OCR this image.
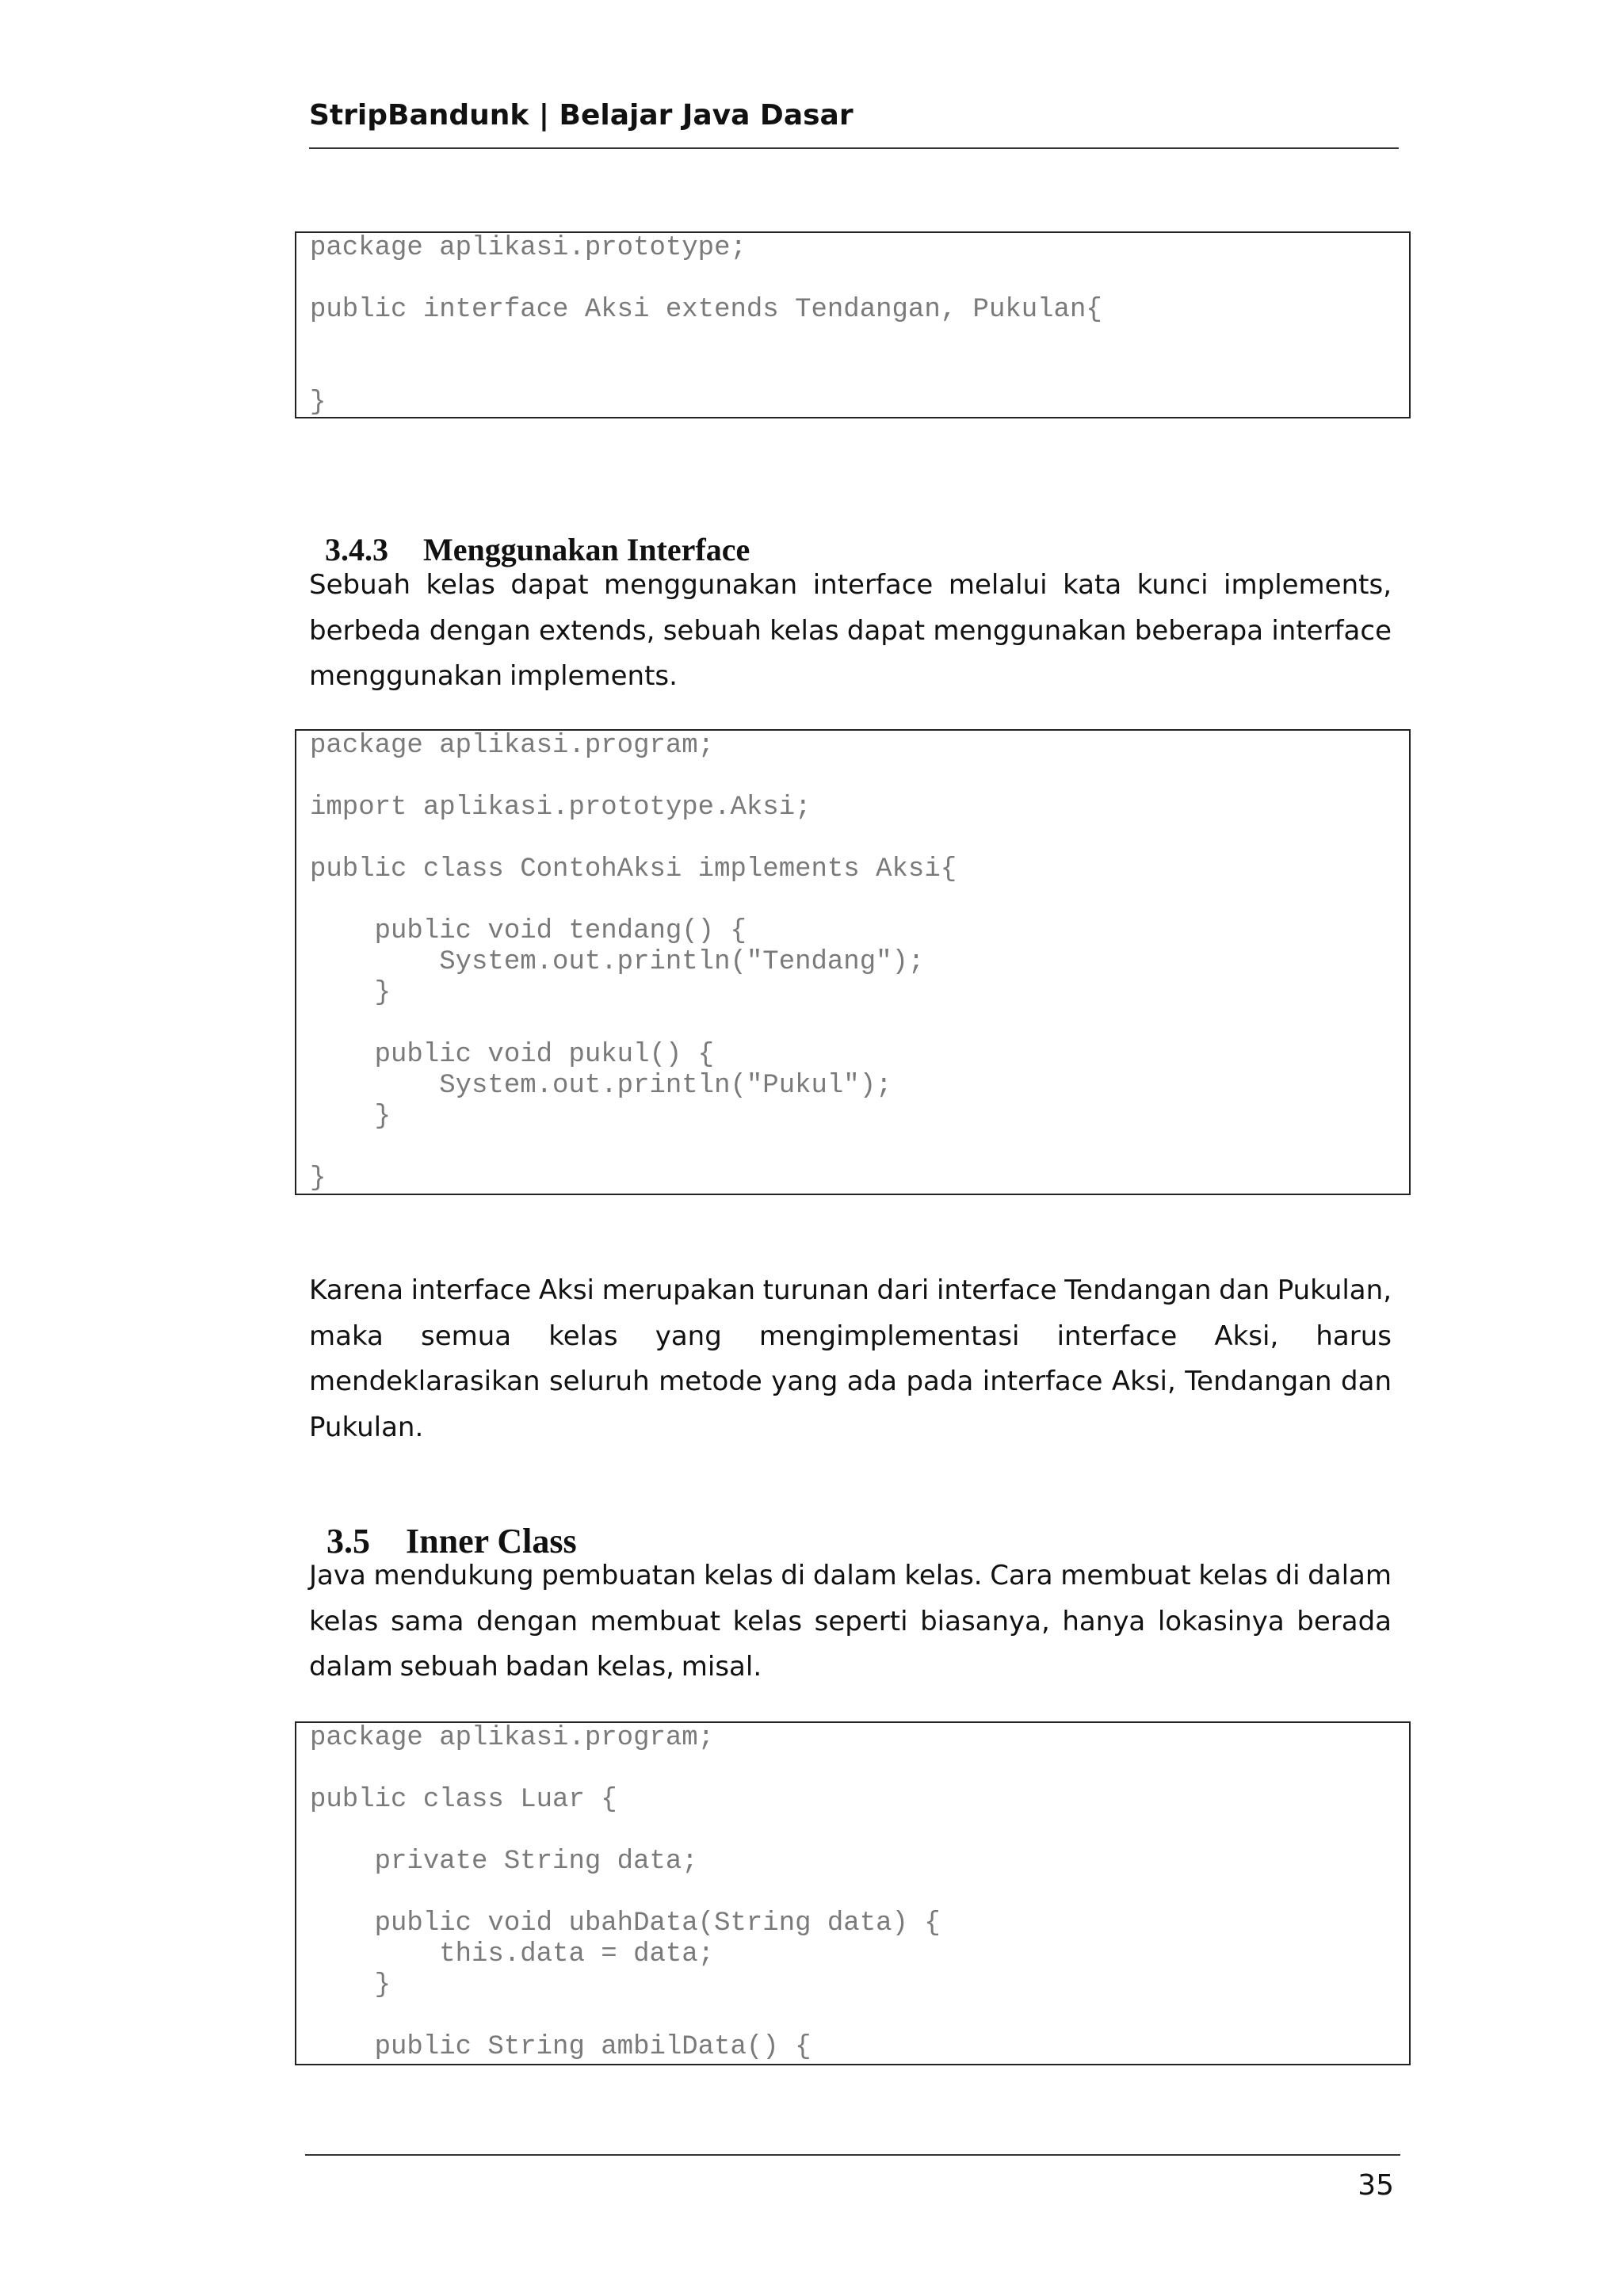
StripBandunk | Belajar Java Dasar
package aplikasi.prototype;
public interface Aksi extends Tendangan, Pukulan{
}

3.4.3 Menggunakan Interface

Sebuah kelas dapat menggunakan interface melalui kata kunci implements, berbeda dengan extends, sebuah kelas dapat menggunakan beberapa interface menggunakan implements.
package aplikasi.program;
import aplikasi.prototype.Aksi;
public class ContohAksi implements Aksi{
public void tendang() {
System.out.println("Tendang");
}
public void pukul() {
System.out.println("Pukul");
}
}
Karena interface Aksi merupakan turunan dari interface Tendangan dan Pukulan, maka semua kelas yang mengimplementasi interface Aksi, harus mendeklarasikan seluruh metode yang ada pada interface Aksi, Tendangan dan Pukulan.

3.5 Inner Class

Java mendukung pembuatan kelas di dalam kelas. Cara membuat kelas di dalam kelas sama dengan membuat kelas seperti biasanya, hanya lokasinya berada dalam sebuah badan kelas, misal.
package aplikasi.program;
public class Luar {
private String data;
public void ubahData(String data) {
this.data = data;
}
public String ambilData() {
35
